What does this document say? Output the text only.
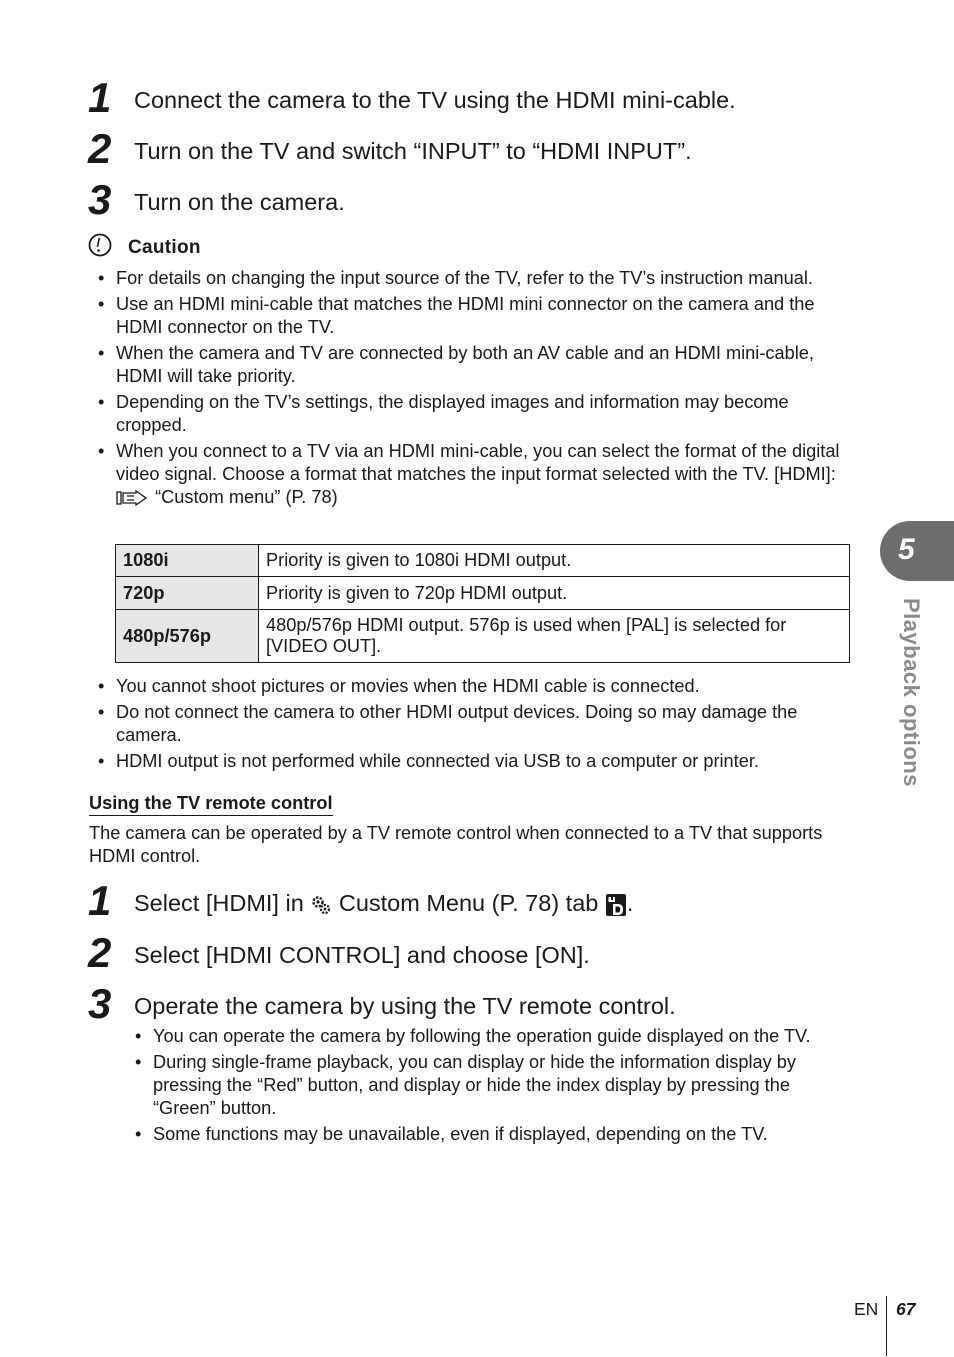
1 Connect the camera to the TV using the HDMI mini-cable.
2 Turn on the TV and switch “INPUT” to “HDMI INPUT”.
3 Turn on the camera.
Caution
• For details on changing the input source of the TV, refer to the TV’s instruction manual.
• Use an HDMI mini-cable that matches the HDMI mini connector on the camera and the HDMI connector on the TV.
• When the camera and TV are connected by both an AV cable and an HDMI mini-cable, HDMI will take priority.
• Depending on the TV’s settings, the displayed images and information may become cropped.
• When you connect to a TV via an HDMI mini-cable, you can select the format of the digital video signal. Choose a format that matches the input format selected with the TV. [HDMI]:  “Custom menu” (P. 78)
1080i	Priority is given to 1080i HDMI output.
720p	Priority is given to 720p HDMI output.
480p/576p	480p/576p HDMI output. 576p is used when [PAL] is selected for [VIDEO OUT].
• You cannot shoot pictures or movies when the HDMI cable is connected.
• Do not connect the camera to other HDMI output devices. Doing so may damage the camera.
• HDMI output is not performed while connected via USB to a computer or printer.
Using the TV remote control
The camera can be operated by a TV remote control when connected to a TV that supports HDMI control.
1 Select [HDMI] in Custom Menu (P. 78) tab .
2 Select [HDMI CONTROL] and choose [ON].
3 Operate the camera by using the TV remote control.
• You can operate the camera by following the operation guide displayed on the TV.
• During single-frame playback, you can display or hide the information display by pressing the “Red” button, and display or hide the index display by pressing the “Green” button.
• Some functions may be unavailable, even if displayed, depending on the TV.
5
Playback options
EN 67
